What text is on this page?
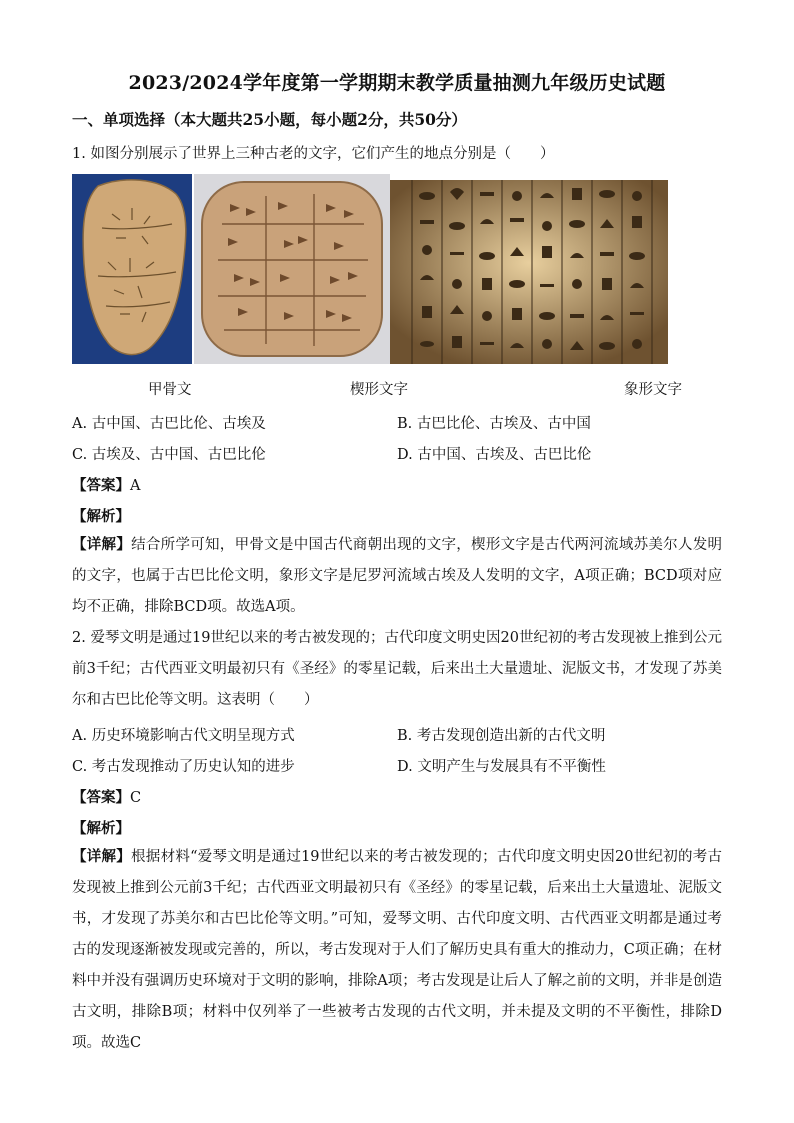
2023/2024学年度第一学期期末教学质量抽测九年级历史试题
一、单项选择（本大题共25小题，每小题2分，共50分）
1. 如图分别展示了世界上三种古老的文字，它们产生的地点分别是（　　）
甲骨文	楔形文字	象形文字
A. 古中国、古巴比伦、古埃及	B. 古巴比伦、古埃及、古中国
C. 古埃及、古中国、古巴比伦	D. 古中国、古埃及、古巴比伦
【答案】A
【解析】
【详解】结合所学可知，甲骨文是中国古代商朝出现的文字，楔形文字是古代两河流域苏美尔人发明的文字，也属于古巴比伦文明，象形文字是尼罗河流域古埃及人发明的文字，A项正确；BCD项对应均不正确，排除BCD项。故选A项。
2. 爱琴文明是通过19世纪以来的考古被发现的；古代印度文明史因20世纪初的考古发现被上推到公元前3千纪；古代西亚文明最初只有《圣经》的零星记载，后来出土大量遗址、泥版文书，才发现了苏美尔和古巴比伦等文明。这表明（　　）
A. 历史环境影响古代文明呈现方式	B. 考古发现创造出新的古代文明
C. 考古发现推动了历史认知的进步	D. 文明产生与发展具有不平衡性
【答案】C
【解析】
【详解】根据材料“爱琴文明是通过19世纪以来的考古被发现的；古代印度文明史因20世纪初的考古发现被上推到公元前3千纪；古代西亚文明最初只有《圣经》的零星记载，后来出土大量遗址、泥版文书，才发现了苏美尔和古巴比伦等文明。”可知，爱琴文明、古代印度文明、古代西亚文明都是通过考古的发现逐渐被发现或完善的，所以，考古发现对于人们了解历史具有重大的推动力，C项正确；在材料中并没有强调历史环境对于文明的影响，排除A项；考古发现是让后人了解之前的文明，并非是创造古文明，排除B项；材料中仅列举了一些被考古发现的古代文明，并未提及文明的不平衡性，排除D项。故选C
